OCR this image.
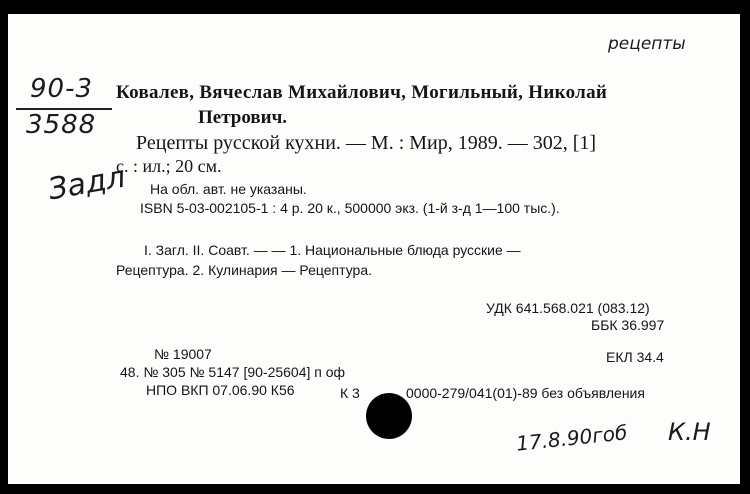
рецепты
90-3
3588
Задл
17.8.90гоб К.Н
Ковалев, Вячеслав Михайлович, Могильный, Николай
Петрович.
Рецепты русской кухни. — М. : Мир, 1989. — 302, [1]
с. : ил.; 20 см.
На обл. авт. не указаны.
ISBN 5-03-002105-1 : 4 р. 20 к., 500000 экз. (1-й з-д 1—100 тыс.).
I. Загл. II. Соавт. — — 1. Национальные блюда русские —
Рецептура. 2. Кулинария — Рецептура.
УДК 641.568.021 (083.12)
ББК 36.997
№ 19007	ЕКЛ 34.4
48. № 305 № 5147 [90-25604] п оф
НПО ВКП 07.06.90 К56	К 3	0000-279/041(01)-89 без объявления
